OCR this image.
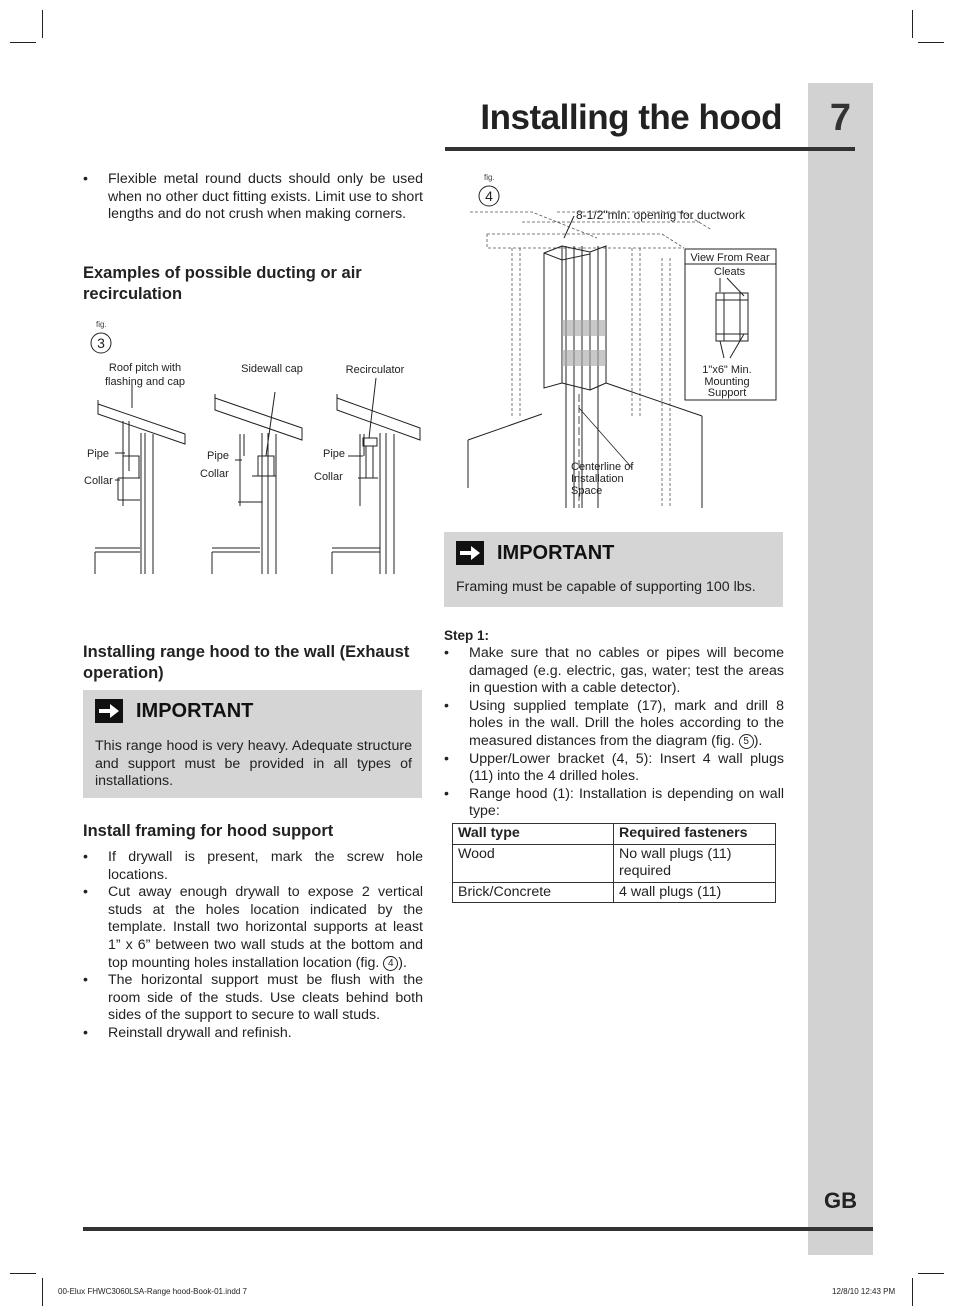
Installing the hood	7
• Flexible metal round ducts should only be used when no other duct fitting exists. Limit use to short lengths and do not crush when making corners.
Examples of possible ducting or air recirculation
fig.
3
Roof pitch with
flashing and cap
Sidewall cap	Recirculator
Pipe
Collar
Pipe
Collar
Pipe
Collar
Installing range hood to the wall (Exhaust operation)
IMPORTANT
This range hood is very heavy. Adequate structure and support must be provided in all types of installations.
Install framing for hood support
• If drywall is present, mark the screw hole locations.
• Cut away enough drywall to expose 2 vertical studs at the holes location indicated by the template. Install two horizontal supports at least 1” x 6” between two wall studs at the bottom and top mounting holes installation location (fig. 4 ).
• The horizontal support must be flush with the room side of the studs. Use cleats behind both sides of the support to secure to wall studs.
• Reinstall drywall and refinish.
fig.
4
8-1/2"min. opening for ductwork
Centerline of
Installation
Space
View From Rear
Cleats
1"x6" Min.
Mounting
Support
IMPORTANT
Framing must be capable of supporting 100 lbs.
Step 1:
• Make sure that no cables or pipes will become damaged (e.g. electric, gas, water; test the areas in question with a cable detector).
• Using supplied template (17), mark and drill 8 holes in the wall. Drill the holes according to the measured distances from the diagram (fig. 5 ).
• Upper/Lower bracket (4, 5): Insert 4 wall plugs (11) into the 4 drilled holes.
• Range hood (1): Installation is depending on wall type:
Wall type	Required fasteners
Wood	No wall plugs (11) required
Brick/Concrete	4 wall plugs (11)
GB
00-Elux FHWC3060LSA-Range hood-Book-01.indd 7	12/8/10 12:43 PM
